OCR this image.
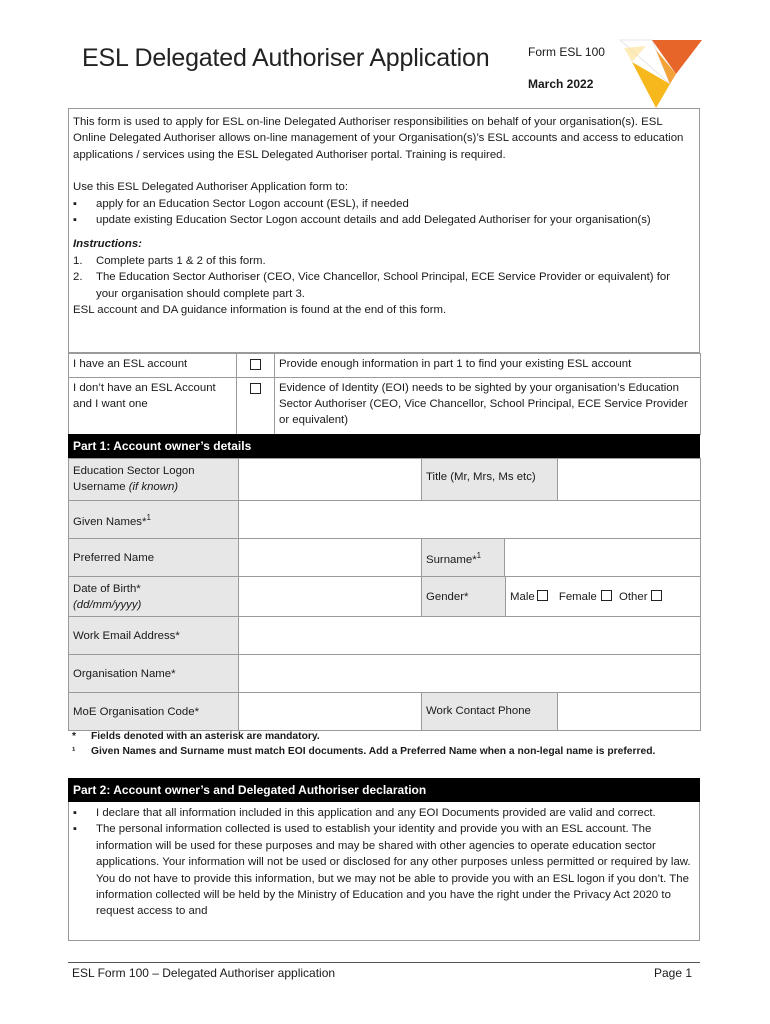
ESL Delegated Authoriser Application	Form ESL 100
March 2022

This form is used to apply for ESL on-line Delegated Authoriser responsibilities on behalf of your organisation(s). ESL Online Delegated Authoriser allows on-line management of your Organisation(s)’s ESL accounts and access to education applications / services using the ESL Delegated Authoriser portal. Training is required.

Use this ESL Delegated Authoriser Application form to:

▪ apply for an Education Sector Logon account (ESL), if needed
▪ update existing Education Sector Logon account details and add Delegated Authoriser for your organisation(s)

Instructions:

1. Complete parts 1 & 2 of this form.
2. The Education Sector Authoriser (CEO, Vice Chancellor, School Principal, ECE Service Provider or equivalent) for your organisation should complete part 3.

ESL account and DA guidance information is found at the end of this form.

I have an ESL account		Provide enough information in part 1 to find your existing ESL account
I don’t have an ESL Account and I want one		Evidence of Identity (EOI) needs to be sighted by your organisation’s Education Sector Authoriser (CEO, Vice Chancellor, School Principal, ECE Service Provider or equivalent)
Part 1: Account owner’s details
Education Sector Logon Username (if known)		Title (Mr, Mrs, Ms etc)	

Given Names*$^1$	
Preferred Name		Surname*$^1$

Date of Birth*
(dd/mm/yyyy)		Gender*	Male Female Other
Work Email Address*			
Organisation Name*			
MoE Organisation Code*		Work Contact Phone	
* Fields denoted with an asterisk are mandatory.
¹ Given Names and Surname must match EOI documents. Add a Preferred Name when a non-legal name is preferred.
Part 2: Account owner’s and Delegated Authoriser declaration
▪ I declare that all information included in this application and any EOI Documents provided are valid and correct.
▪ The personal information collected is used to establish your identity and provide you with an ESL account. The information will be used for these purposes and may be shared with other agencies to operate education sector applications. Your information will not be used or disclosed for any other purposes unless permitted or required by law. You do not have to provide this information, but we may not be able to provide you with an ESL logon if you don’t. The information collected will be held by the Ministry of Education and you have the right under the Privacy Act 2020 to request access to and
ESL Form 100 – Delegated Authoriser application	Page 1
